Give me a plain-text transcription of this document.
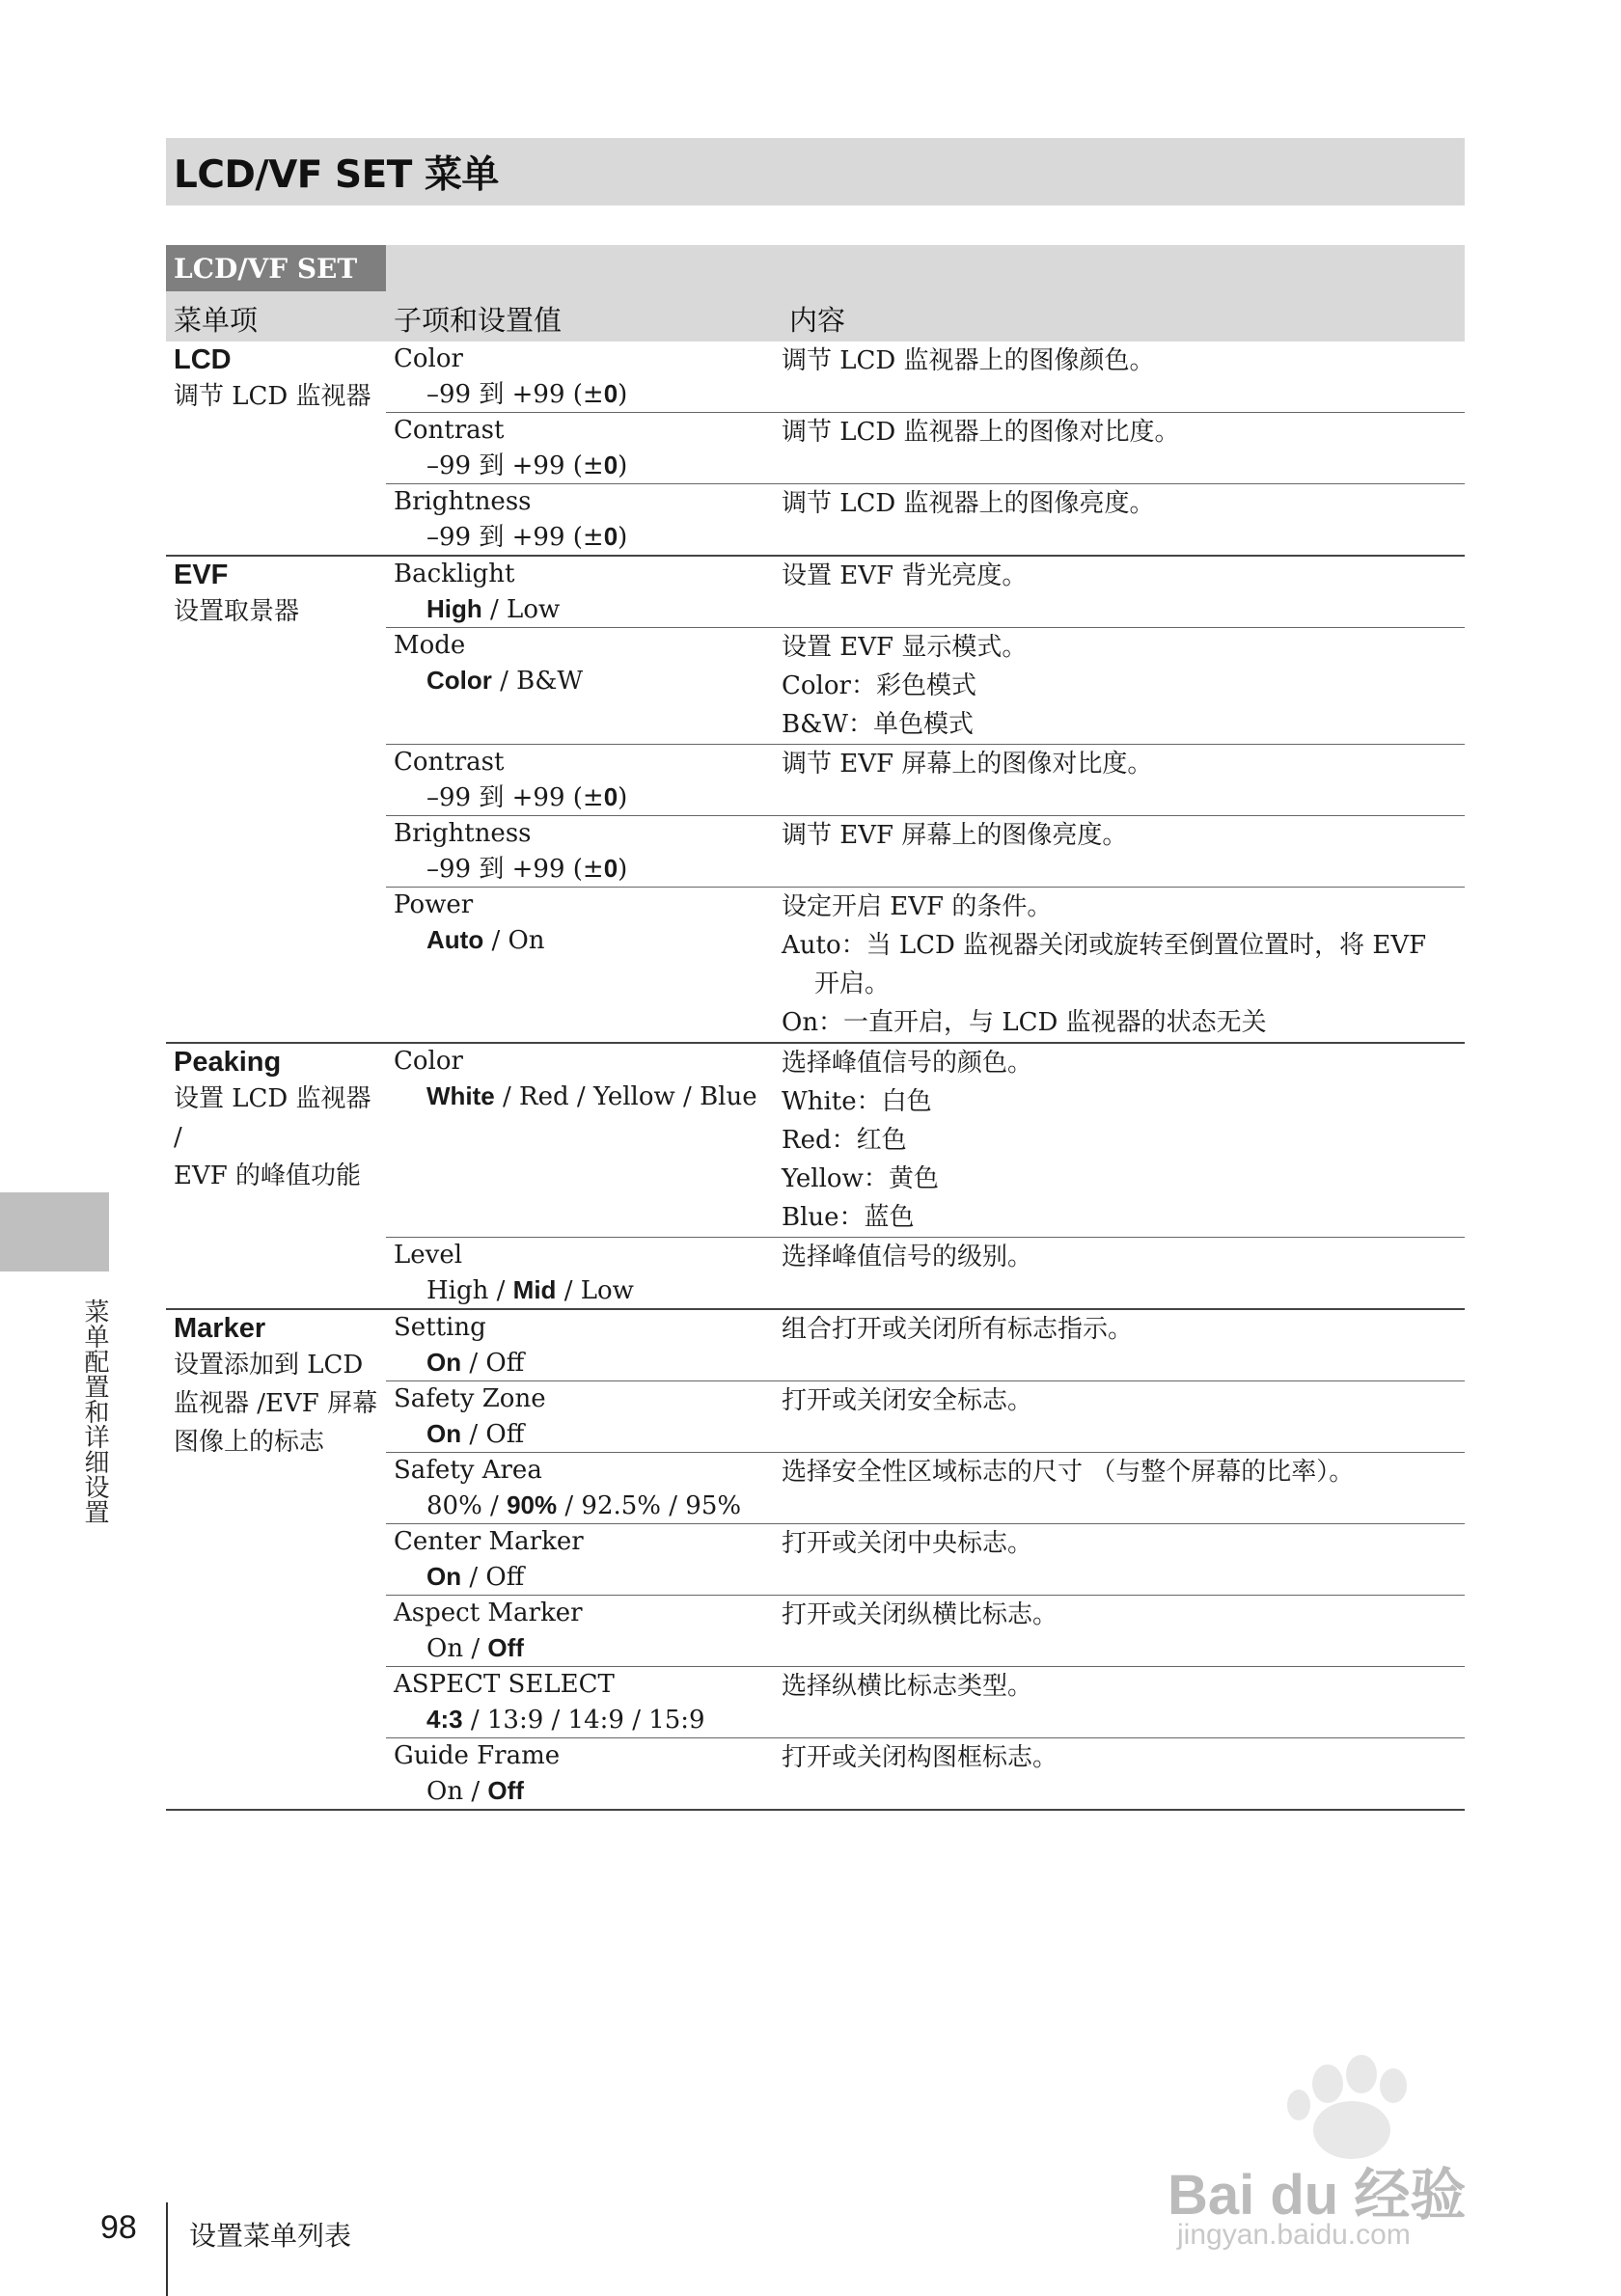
LCD/VF SET 菜单
LCD/VF SET
菜单项	子项和设置值	内容
LCD
调节 LCD 监视器
Color
–99 到 +99 (±0)
调节 LCD 监视器上的图像颜色。
Contrast
–99 到 +99 (±0)
调节 LCD 监视器上的图像对比度。
Brightness
–99 到 +99 (±0)
调节 LCD 监视器上的图像亮度。
EVF
设置取景器
Backlight
High / Low
设置 EVF 背光亮度。
Mode
Color / B&W
设置 EVF 显示模式。
Color：彩色模式
B&W：单色模式
Contrast
–99 到 +99 (±0)
调节 EVF 屏幕上的图像对比度。
Brightness
–99 到 +99 (±0)
调节 EVF 屏幕上的图像亮度。
Power
Auto / On
设定开启 EVF 的条件。
Auto：当 LCD 监视器关闭或旋转至倒置位置时，将 EVF
开启。
On：一直开启，与 LCD 监视器的状态无关
Peaking
设置 LCD 监视器 /
EVF 的峰值功能
Color
White / Red / Yellow / Blue
选择峰值信号的颜色。
White：白色
Red：红色
Yellow：黄色
Blue：蓝色
Level
High / Mid / Low
选择峰值信号的级别。
Marker
设置添加到 LCD
监视器 /EVF 屏幕
图像上的标志
Setting
On / Off
组合打开或关闭所有标志指示。
Safety Zone
On / Off
打开或关闭安全标志。
Safety Area
80% / 90% / 92.5% / 95%
选择安全性区域标志的尺寸 （与整个屏幕的比率）。
Center Marker
On / Off
打开或关闭中央标志。
Aspect Marker
On / Off
打开或关闭纵横比标志。
ASPECT SELECT
4:3 / 13:9 / 14:9 / 15:9
选择纵横比标志类型。
Guide Frame
On / Off
打开或关闭构图框标志。
菜单配置和详细设置
98 设置菜单列表
Bai du 经验
jingyan.baidu.com
